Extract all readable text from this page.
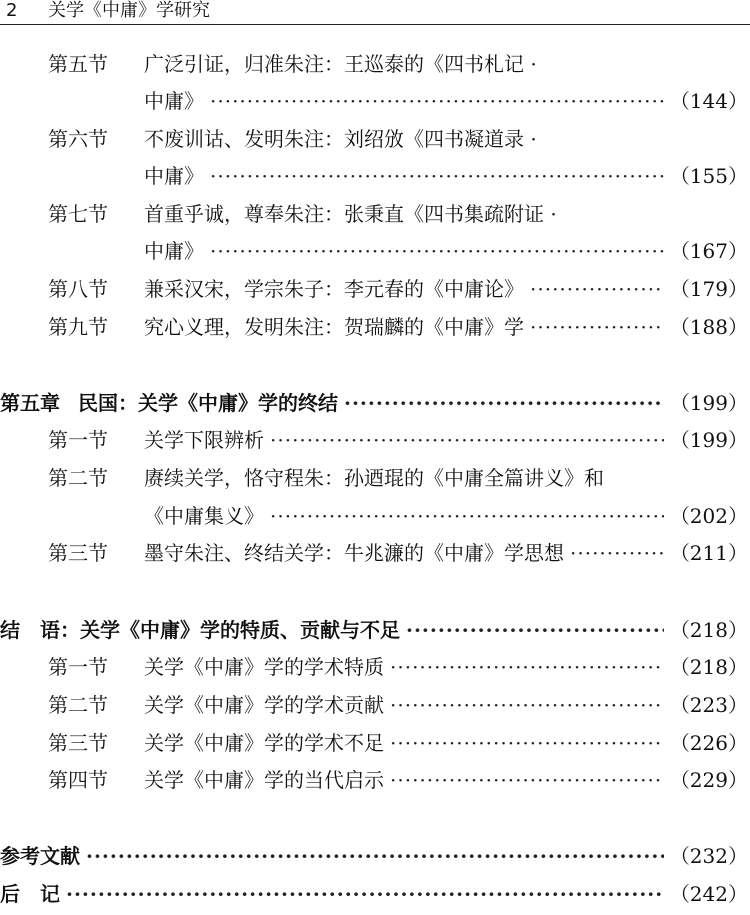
2 关学《中庸》学研究
第五节	广泛引证，归准朱注：王巡泰的《四书札记 ·
中庸》 ·····	（144）
第六节	不废训诂、发明朱注：刘绍攽《四书凝道录 ·
中庸》 ·····	（155）
第七节	首重乎诚，尊奉朱注：张秉直《四书集疏附证 ·
中庸》 ·····	（167）
第八节	兼采汉宋，学宗朱子：李元春的《中庸论》 ·····	（179）
第九节	究心义理，发明朱注：贺瑞麟的《中庸》学 ·····	（188）
第五章 民国：关学《中庸》学的终结 ·····	（199）
第一节	关学下限辨析 ·····	（199）
第二节	赓续关学，恪守程朱：孙迺琨的《中庸全篇讲义》和
《中庸集义》 ·····	（202）
第三节	墨守朱注、终结关学：牛兆濂的《中庸》学思想 ·····	（211）
结　语： 关学《中庸》学的特质、贡献与不足 ·····	（218）
第一节	关学《中庸》学的学术特质 ·····	（218）
第二节	关学《中庸》学的学术贡献 ·····	（223）
第三节	关学《中庸》学的学术不足 ·····	（226）
第四节	关学《中庸》学的当代启示 ·····	（229）
参考文献 ·····	（232）
后　记 ·····	（242）
